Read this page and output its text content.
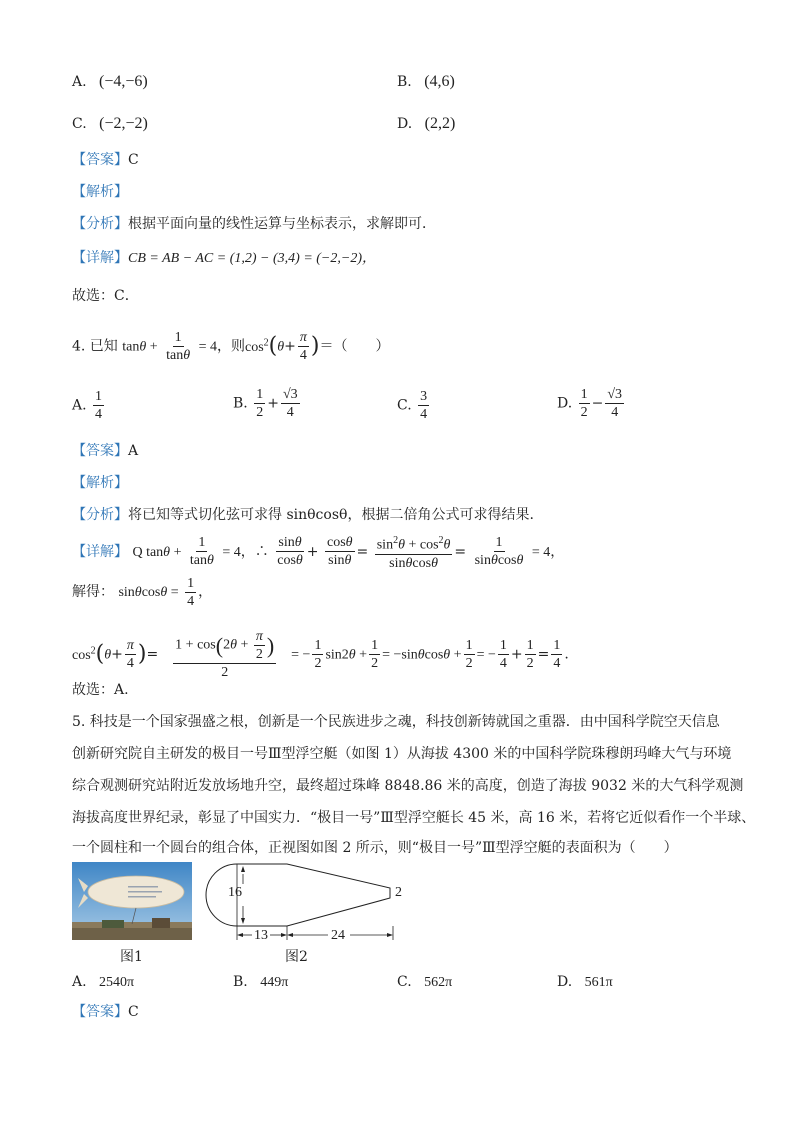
A. (−4,−6)	B. (4,6)
C. (−2,−2)	D. (2,2)
【答案】C
【解析】
【分析】根据平面向量的线性运算与坐标表示，求解即可．
【详解】CB = AB − AC = (1,2) − (3,4) = (−2,−2)，
故选：C．
4. 已知 $\tan\theta + \frac{1}{\tan\theta} = 4$，则$\cos^2(\theta+ \frac{\pi}{4}$ )＝（　　）
A. $\frac{1}{4}$	B. $\frac{1}{2} + \frac{√3}{4}$	C. $\frac{3}{4}$	D. $\frac{1}{2} - \frac{√3}{4}$
【答案】A
【解析】
【分析】将已知等式切化弦可求得 sinθcosθ，根据二倍角公式可求得结果.
【详解】 Q $\tan\theta + \frac{1}{\tan\theta} = 4$，∴ $\frac{\sin\theta}{\cos\theta} + \frac{\cos\theta}{\sin\theta} = \frac{\sin^2\theta + \cos^2\theta}{\sin\theta\cos\theta} = \frac{1}{\sin\theta\cos\theta} = 4$，
解得： $\sin\theta\cos\theta = \frac{1}{4}$ ，
$\cos^2(\theta+ \frac{\pi}{4}$ )= $\frac{1 + \cos(2\theta + \frac{\pi}{2} )}{2}$ = − $\frac{1}{2} \sin 2\theta + \frac{1}{2} = -\sin\theta\cos\theta + \frac{1}{2}$ = − $\frac{1}{4} + \frac{1}{2} = \frac{1}{4}$ .
故选：A.
5. 科技是一个国家强盛之根，创新是一个民族进步之魂，科技创新铸就国之重器．由中国科学院空天信息
创新研究院自主研发的极目一号Ⅲ型浮空艇（如图 1）从海拔 4300 米的中国科学院珠穆朗玛峰大气与环境
综合观测研究站附近发放场地升空，最终超过珠峰 8848.86 米的高度，创造了海拔 9032 米的大气科学观测
海拔高度世界纪录，彰显了中国实力．“极目一号”Ⅲ型浮空艇长 45 米，高 16 米，若将它近似看作一个半球、
一个圆柱和一个圆台的组合体，正视图如图 2 所示，则“极目一号”Ⅲ型浮空艇的表面积为（　　）
图1
16	2
13	24
图2
A. 2540π	B. 449π	C. 562π	D. 561π
【答案】C
